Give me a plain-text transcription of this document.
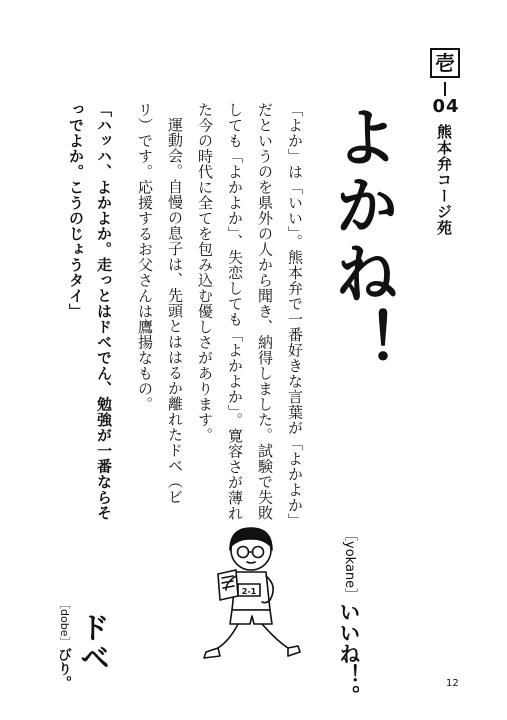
壱
04
熊本弁コージ苑
よかね！

「よか」は「いい」。熊本弁で一番好きな言葉が「よかよか」だというのを県外の人から聞き、納得しました。試験で失敗しても「よかよか」、失恋しても「よかよか」。寛容さが薄れた今の時代に全てを包み込む優しさがあります。

運動会。自慢の息子は、先頭とははるか離れたドベ（ビリ）です。応援するお父さんは鷹揚なもの。

「ハッハ、よかよか。走っとはドベでん、勉強が一番ならそっでよか。こうのじょうタイ」
［yokane］いいね！。
ドベ
［dobe］びり。
2-1
12
